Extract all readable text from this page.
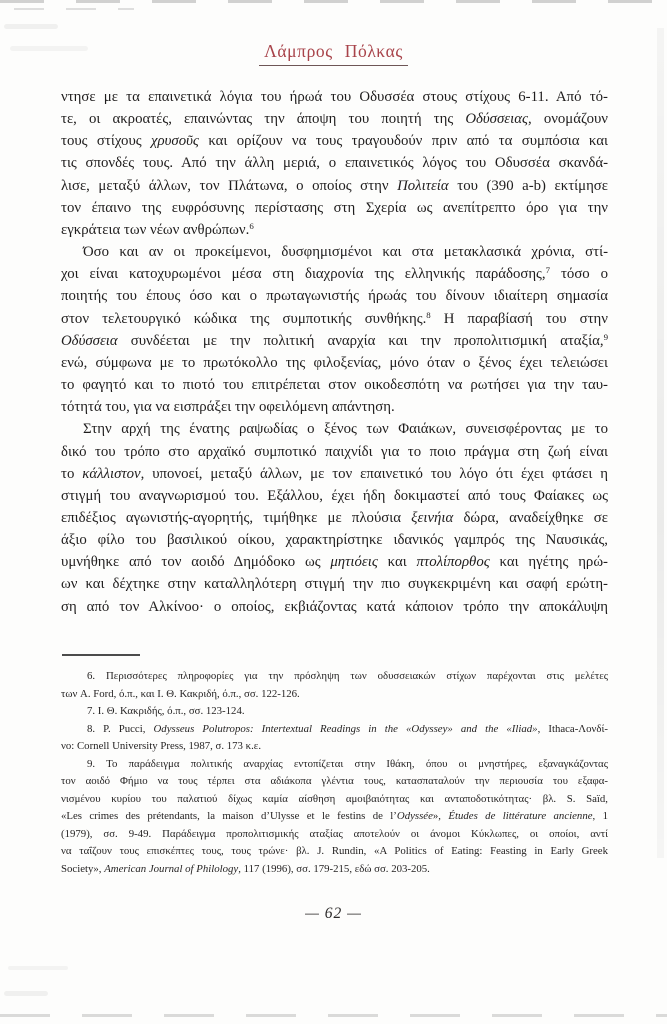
Λάμπρος Πόλκας
ντησε με τα επαινετικά λόγια του ήρωά του Οδυσσέα στους στίχους 6-11. Από τό-
τε, οι ακροατές, επαινώντας την άποψη του ποιητή της Οδύσσειας, ονομάζουν
τους στίχους χρυσοῦς και ορίζουν να τους τραγουδούν πριν από τα συμπόσια και
τις σπονδές τους. Από την άλλη μεριά, ο επαινετικός λόγος του Οδυσσέα σκανδά-
λισε, μεταξύ άλλων, τον Πλάτωνα, ο οποίος στην Πολιτεία του (390 a-b) εκτίμησε
τον έπαινο της ευφρόσυνης περίστασης στη Σχερία ως ανεπίτρεπτο όρο για την
εγκράτεια των νέων ανθρώπων.$^6$
Όσο και αν οι προκείμενοι, δυσφημισμένοι και στα μετακλασικά χρόνια, στί-
χοι είναι κατοχυρωμένοι μέσα στη διαχρονία της ελληνικής παράδοσης,$^7$ τόσο ο
ποιητής του έπους όσο και ο πρωταγωνιστής ήρωάς του δίνουν ιδιαίτερη σημασία
στον τελετουργικό κώδικα της συμποτικής συνθήκης.$^8$ Η παραβίασή του στην
Οδύσσεια συνδέεται με την πολιτική αναρχία και την προπολιτισμική αταξία,$^9$
ενώ, σύμφωνα με το πρωτόκολλο της φιλοξενίας, μόνο όταν ο ξένος έχει τελειώσει
το φαγητό και το πιοτό του επιτρέπεται στον οικοδεσπότη να ρωτήσει για την ταυ-
τότητά του, για να εισπράξει την οφειλόμενη απάντηση.
Στην αρχή της ένατης ραψωδίας ο ξένος των Φαιάκων, συνεισφέροντας με το
δικό του τρόπο στο αρχαϊκό συμποτικό παιχνίδι για το ποιο πράγμα στη ζωή είναι
το κάλλιστον, υπονοεί, μεταξύ άλλων, με τον επαινετικό του λόγο ότι έχει φτάσει η
στιγμή του αναγνωρισμού του. Εξάλλου, έχει ήδη δοκιμαστεί από τους Φαίακες ως
επιδέξιος αγωνιστής-αγορητής, τιμήθηκε με πλούσια ξεινήια δώρα, αναδείχθηκε σε
άξιο φίλο του βασιλικού οίκου, χαρακτηρίστηκε ιδανικός γαμπρός της Ναυσικάς,
υμνήθηκε από τον αοιδό Δημόδοκο ως μητιόεις και πτολίπορθος και ηγέτης ηρώ-
ων και δέχτηκε στην καταλληλότερη στιγμή την πιο συγκεκριμένη και σαφή ερώτη-
ση από τον Αλκίνοο· ο οποίος, εκβιάζοντας κατά κάποιον τρόπο την αποκάλυψη
6. Περισσότερες πληροφορίες για την πρόσληψη των οδυσσειακών στίχων παρέχονται στις μελέτες
των A. Ford, ό.π., και Ι. Θ. Κακριδή, ό.π., σσ. 122-126.
7. Ι. Θ. Κακριδής, ό.π., σσ. 123-124.
8. P. Pucci, Odysseus Polutropos: Intertextual Readings in the «Odyssey» and the «Iliad», Ithaca-Λονδί-
νο: Cornell University Press, 1987, σ. 173 κ.ε.
9. Το παράδειγμα πολιτικής αναρχίας εντοπίζεται στην Ιθάκη, όπου οι μνηστήρες, εξαναγκάζοντας
τον αοιδό Φήμιο να τους τέρπει στα αδιάκοπα γλέντια τους, κατασπαταλούν την περιουσία του εξαφα-
νισμένου κυρίου του παλατιού δίχως καμία αίσθηση αμοιβαιότητας και ανταποδοτικότητας· βλ. S. Saïd,
«Les crimes des prétendants, la maison d’Ulysse et le festins de l’Odyssée», Études de littérature ancienne, 1
(1979), σσ. 9-49. Παράδειγμα προπολιτισμικής αταξίας αποτελούν οι άνομοι Κύκλωπες, οι οποίοι, αντί
να ταΐζουν τους επισκέπτες τους, τους τρώνε· βλ. J. Rundin, «A Politics of Eating: Feasting in Early Greek
Society», American Journal of Philology, 117 (1996), σσ. 179-215, εδώ σσ. 203-205.
— 62 —
